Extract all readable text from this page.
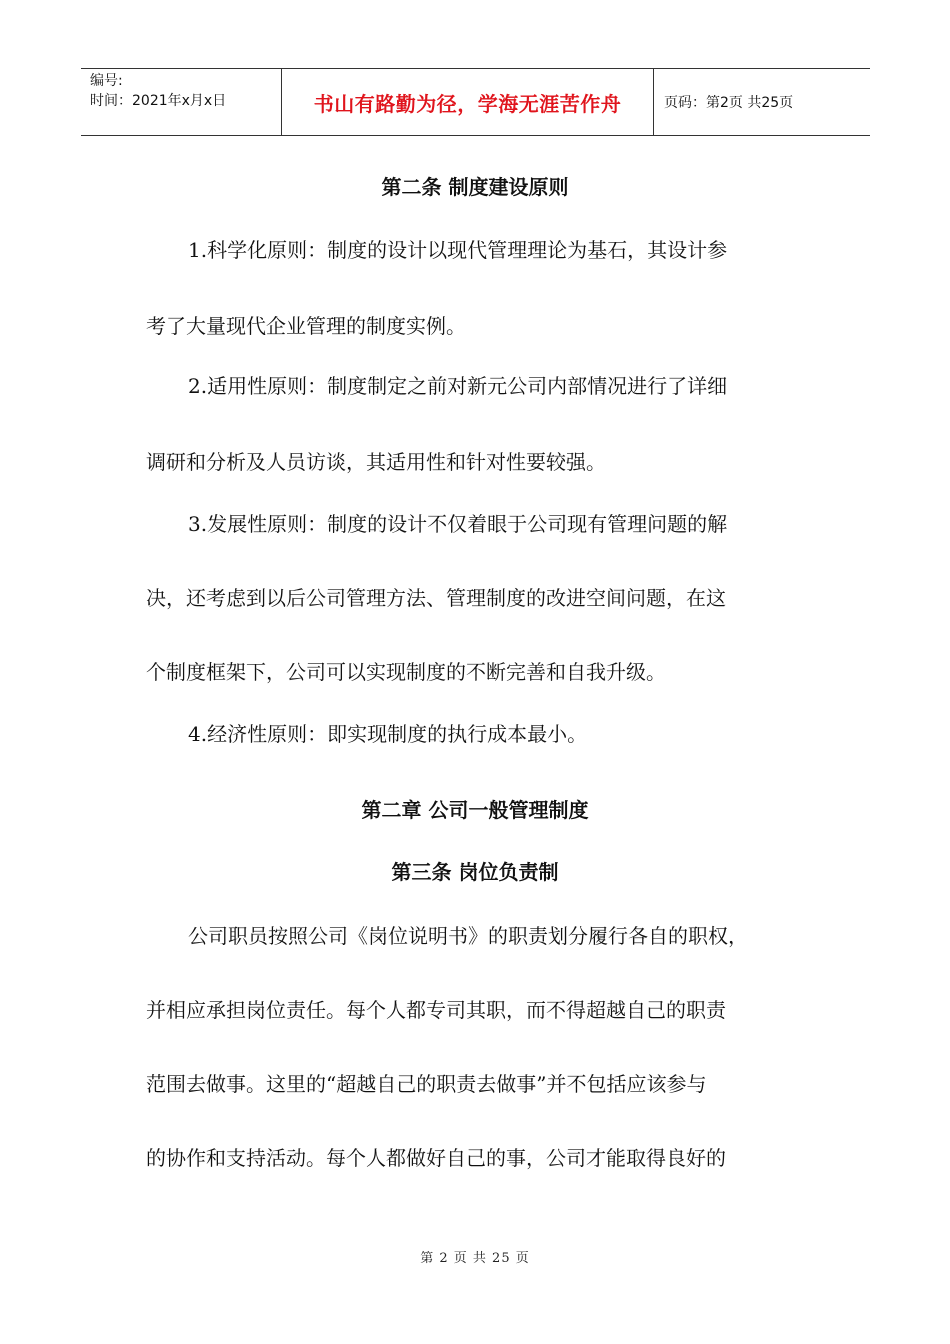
编号:
时间：2021年x月x日	书山有路勤为径，学海无涯苦作舟	页码：第2页 共25页
第二条 制度建设原则
1.科学化原则：制度的设计以现代管理理论为基石，其设计参
考了大量现代企业管理的制度实例。
2.适用性原则：制度制定之前对新元公司内部情况进行了详细
调研和分析及人员访谈，其适用性和针对性要较强。
3.发展性原则：制度的设计不仅着眼于公司现有管理问题的解
决，还考虑到以后公司管理方法、管理制度的改进空间问题，在这
个制度框架下，公司可以实现制度的不断完善和自我升级。
4.经济性原则：即实现制度的执行成本最小。
第二章 公司一般管理制度
第三条 岗位负责制
公司职员按照公司《岗位说明书》的职责划分履行各自的职权，
并相应承担岗位责任。每个人都专司其职，而不得超越自己的职责
范围去做事。这里的“超越自己的职责去做事”并不包括应该参与
的协作和支持活动。每个人都做好自己的事，公司才能取得良好的
第 2 页 共 25 页
